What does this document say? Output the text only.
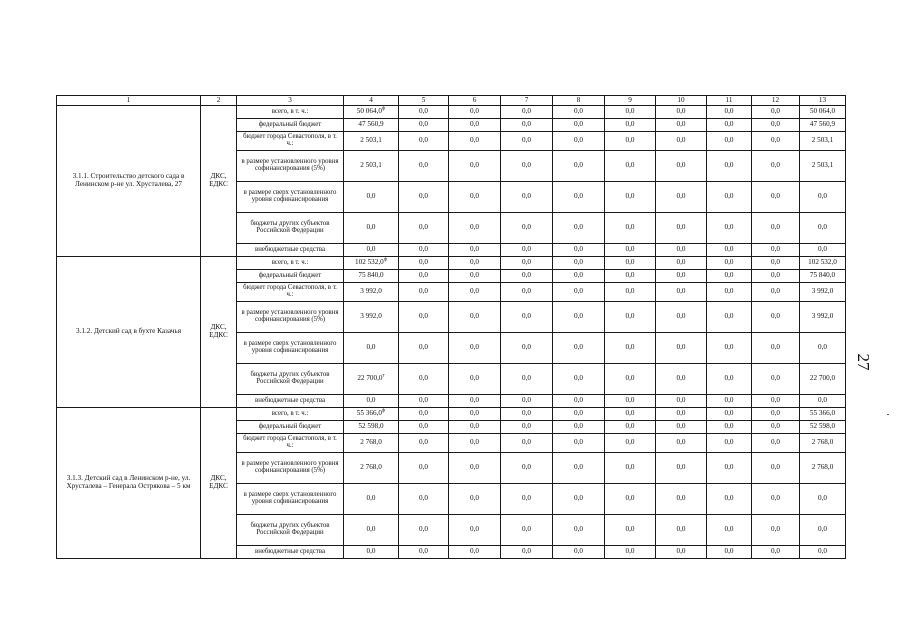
1	2	3	4	5	6	7	8	9	10	11	12	13
3.1.1. Строительство детского сада в Ленинском р-не ул. Хрусталева, 27	ДКС, ЕДКС	всего, в т. ч.:	50 $064,0^ф$	0,0	0,0	0,0	0,0	0,0	0,0	0,0	0,0	50 064,0
		федеральный бюджет	47 560,9	0,0	0,0	0,0	0,0	0,0	0,0	0,0	0,0	47 560,9
		бюджет города Севастополя, в т. ч.:	2 503,1	0,0	0,0	0,0	0,0	0,0	0,0	0,0	0,0	2 503,1
		в размере установленного уровня софинансирования (5%)	2 503,1	0,0	0,0	0,0	0,0	0,0	0,0	0,0	0,0	2 503,1
		в размере сверх установленного уровня софинансирования	0,0	0,0	0,0	0,0	0,0	0,0	0,0	0,0	0,0	0,0
		бюджеты других субъектов Российской Федерации	0,0	0,0	0,0	0,0	0,0	0,0	0,0	0,0	0,0	0,0
		внебюджетные средства	0,0	0,0	0,0	0,0	0,0	0,0	0,0	0,0	0,0	0,0
3.1.2. Детский сад в бухте Казачья	ДКС, ЕДКС	всего, в т. ч.:	102 $532,0^ф$	0,0	0,0	0,0	0,0	0,0	0,0	0,0	0,0	102 532,0
		федеральный бюджет	75 840,0	0,0	0,0	0,0	0,0	0,0	0,0	0,0	0,0	75 840,0
		бюджет города Севастополя, в т. ч.:	3 992,0	0,0	0,0	0,0	0,0	0,0	0,0	0,0	0,0	3 992,0
		в размере установленного уровня софинансирования (5%)	3 992,0	0,0	0,0	0,0	0,0	0,0	0,0	0,0	0,0	3 992,0
		в размере сверх установленного уровня софинансирования	0,0	0,0	0,0	0,0	0,0	0,0	0,0	0,0	0,0	0,0
		бюджеты других субъектов Российской Федерации	22 $700,0^т$	0,0	0,0	0,0	0,0	0,0	0,0	0,0	0,0	22 700,0
		внебюджетные средства	0,0	0,0	0,0	0,0	0,0	0,0	0,0	0,0	0,0	0,0
3.1.3. Детский сад в Ленинском р-не, ул. Хрусталева – Генерала Острякова – 5 км	ДКС, ЕДКС	всего, в т. ч.:	55 $366,0^ф$	0,0	0,0	0,0	0,0	0,0	0,0	0,0	0,0	55 366,0
		федеральный бюджет	52 598,0	0,0	0,0	0,0	0,0	0,0	0,0	0,0	0,0	52 598,0
		бюджет города Севастополя, в т. ч.:	2 768,0	0,0	0,0	0,0	0,0	0,0	0,0	0,0	0,0	2 768,0
		в размере установленного уровня софинансирования (5%)	2 768,0	0,0	0,0	0,0	0,0	0,0	0,0	0,0	0,0	2 768,0
		в размере сверх установленного уровня софинансирования	0,0	0,0	0,0	0,0	0,0	0,0	0,0	0,0	0,0	0,0
		бюджеты других субъектов Российской Федерации	0,0	0,0	0,0	0,0	0,0	0,0	0,0	0,0	0,0	0,0
		внебюджетные средства	0,0	0,0	0,0	0,0	0,0	0,0	0,0	0,0	0,0	0,0
27
